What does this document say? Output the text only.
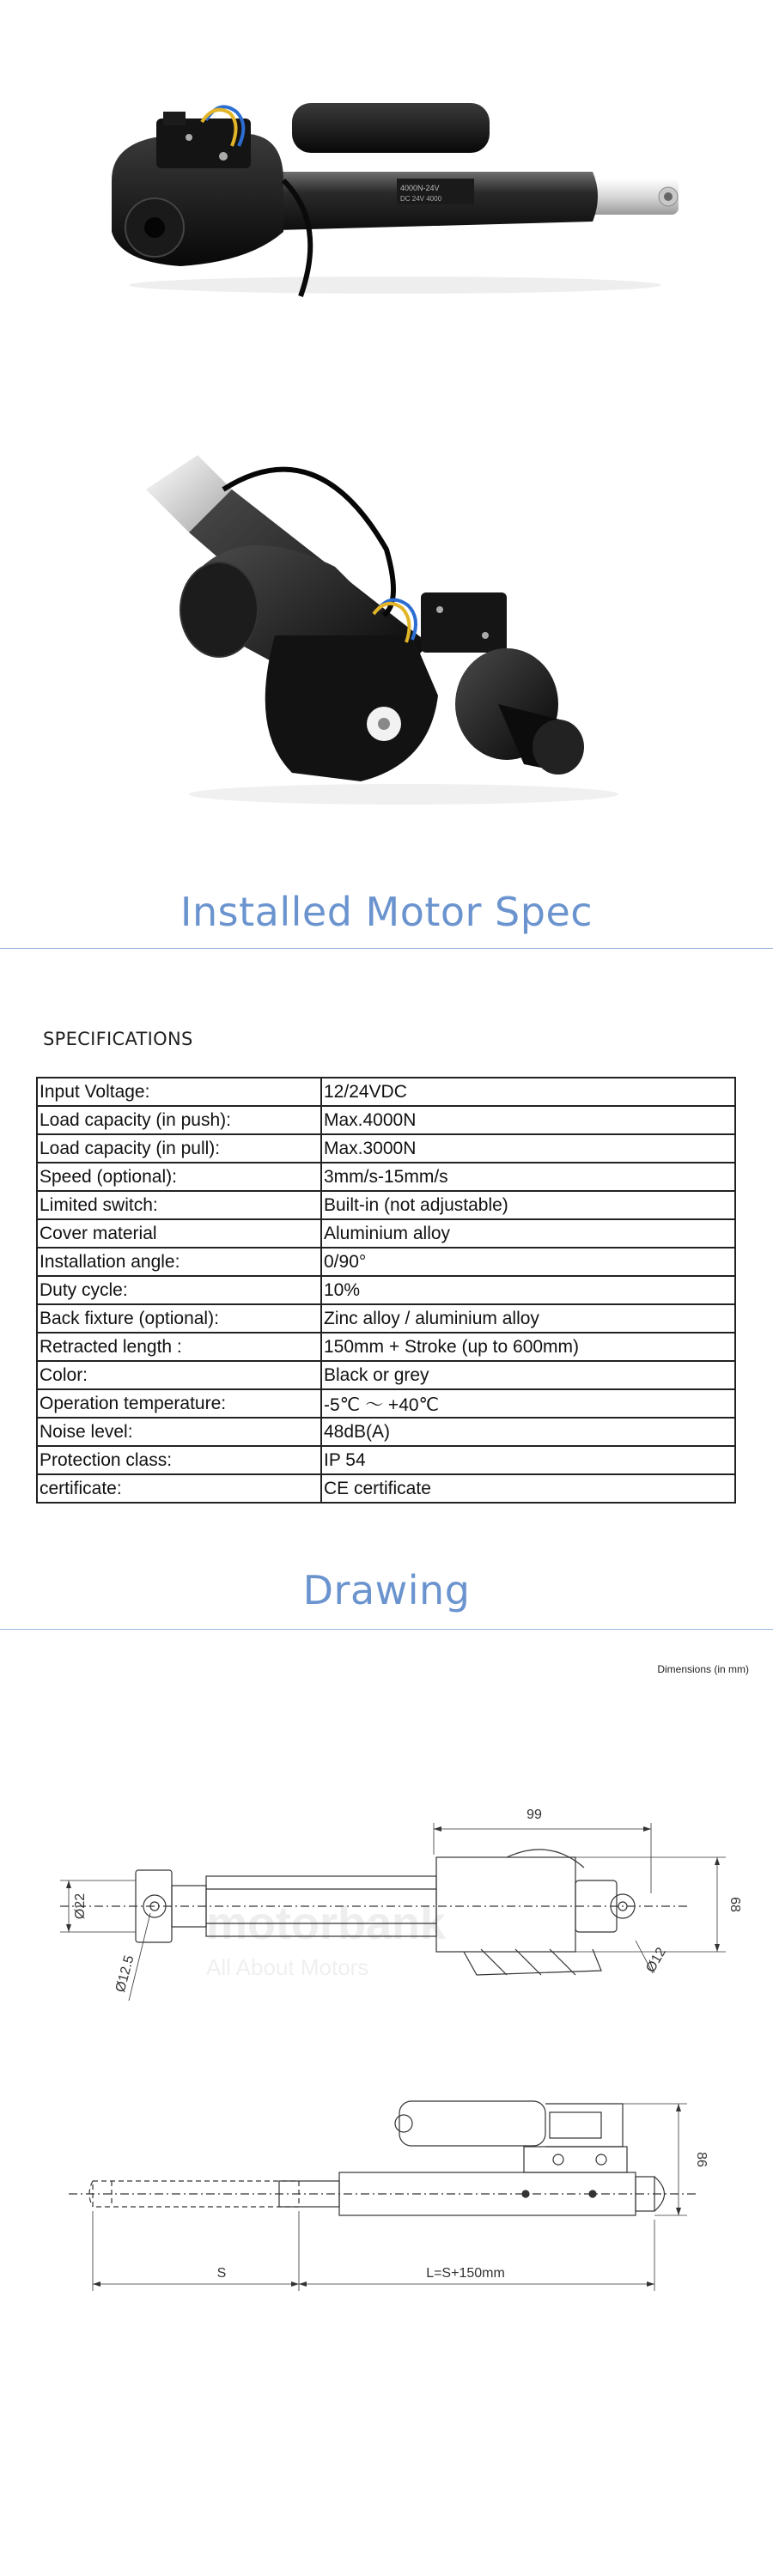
4000N-24V
DC 24V 4000
Installed Motor Spec
SPECIFICATIONS
Input Voltage:	12/24VDC
Load capacity (in push):	Max.4000N
Load capacity (in pull):	Max.3000N
Speed (optional):	3mm/s-15mm/s
Limited switch:	Built-in (not adjustable)
Cover material	Aluminium alloy
Installation angle:	0/90°
Duty cycle:	10%
Back fixture (optional):	Zinc alloy / aluminium alloy
Retracted length :	150mm + Stroke (up to 600mm)
Color:	Black or grey
Operation temperature:	-5℃ ～ +40℃
Noise level:	48dB(A)
Protection class:	IP 54
certificate:	CE certificate
Drawing
Dimensions (in mm)
motorbank
All About Motors
99
Ø22
Ø12.5	Ø12
68
86
S	L=S+150mm
